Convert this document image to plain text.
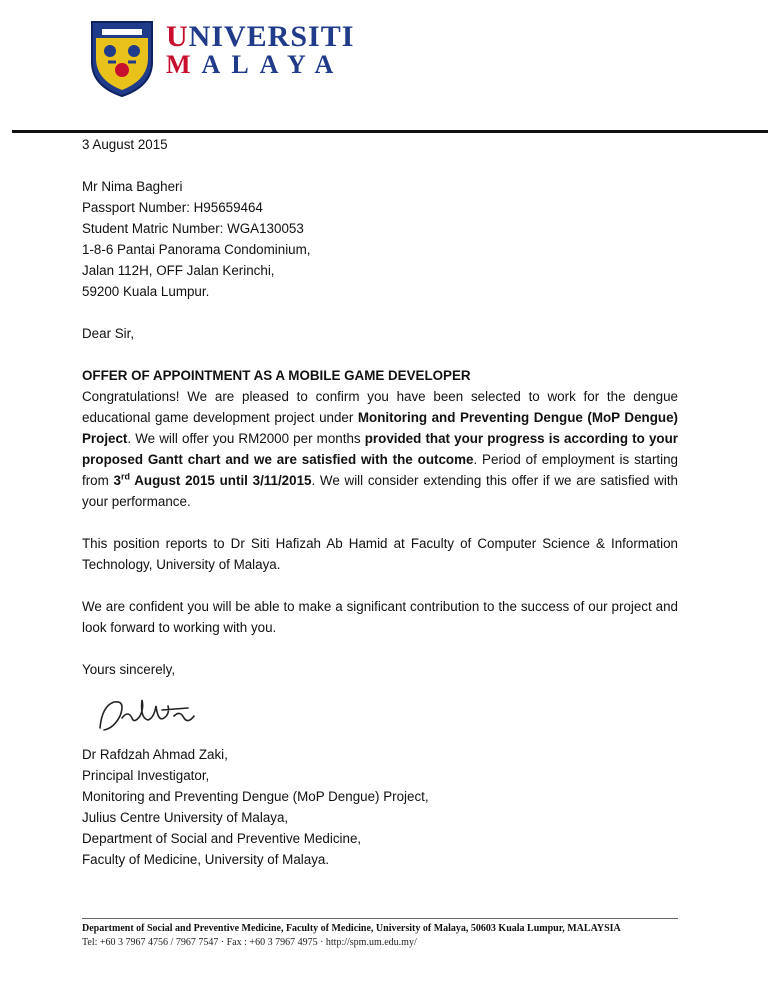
UNIVERSITI
MALAYA
3 August 2015
Mr Nima Bagheri
Passport Number: H95659464
Student Matric Number: WGA130053
1-8-6 Pantai Panorama Condominium,
Jalan 112H, OFF Jalan Kerinchi,
59200 Kuala Lumpur.
Dear Sir,
OFFER OF APPOINTMENT AS A MOBILE GAME DEVELOPER
Congratulations! We are pleased to confirm you have been selected to work for the dengue educational game development project under Monitoring and Preventing Dengue (MoP Dengue) Project. We will offer you RM2000 per months provided that your progress is according to your proposed Gantt chart and we are satisfied with the outcome. Period of employment is starting from 3rd August 2015 until 3/11/2015. We will consider extending this offer if we are satisfied with your performance.
This position reports to Dr Siti Hafizah Ab Hamid at Faculty of Computer Science & Information Technology, University of Malaya.
We are confident you will be able to make a significant contribution to the success of our project and look forward to working with you.
Yours sincerely,
Dr Rafdzah Ahmad Zaki,
Principal Investigator,
Monitoring and Preventing Dengue (MoP Dengue) Project,
Julius Centre University of Malaya,
Department of Social and Preventive Medicine,
Faculty of Medicine, University of Malaya.
Department of Social and Preventive Medicine, Faculty of Medicine, University of Malaya, 50603 Kuala Lumpur, MALAYSIA
Tel: +60 3 7967 4756 / 7967 7547 · Fax : +60 3 7967 4975 · http://spm.um.edu.my/
